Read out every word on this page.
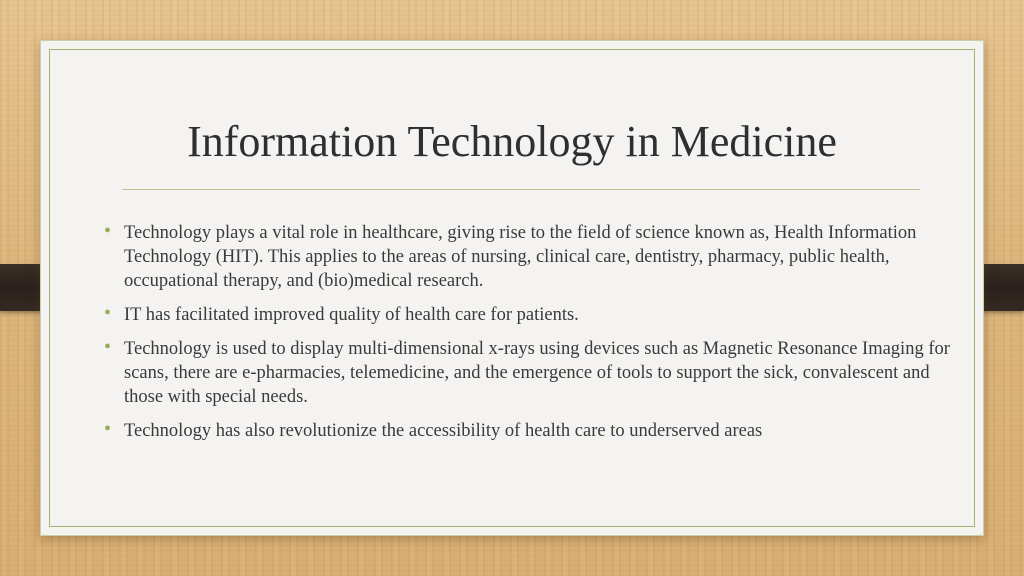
Information Technology in Medicine
• Technology plays a vital role in healthcare, giving rise to the field of science known as, Health Information Technology (HIT). This applies to the areas of nursing, clinical care, dentistry, pharmacy, public health, occupational therapy, and (bio)medical research.
• IT has facilitated improved quality of health care for patients.
• Technology is used to display multi-dimensional x-rays using devices such as Magnetic Resonance Imaging for scans, there are e-pharmacies, telemedicine, and the emergence of tools to support the sick, convalescent and those with special needs.
• Technology has also revolutionize the accessibility of health care to underserved areas
